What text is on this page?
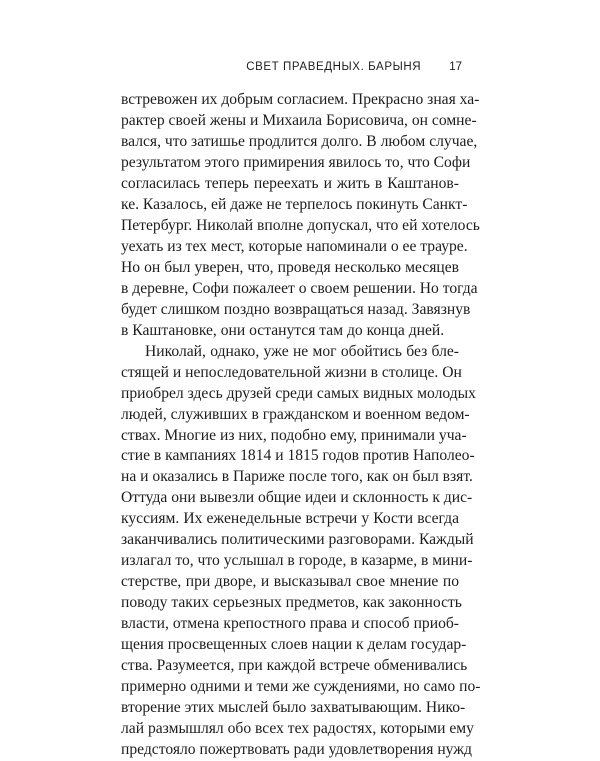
СВЕТ ПРАВЕДНЫХ. БАРЫНЯ 17
встревожен их добрым согласием. Прекрасно зная ха-
рактер своей жены и Михаила Борисовича, он сомне-
вался, что затишье продлится долго. В любом случае,
результатом этого примирения явилось то, что Софи
согласилась теперь переехать и жить в Каштанов-
ке. Казалось, ей даже не терпелось покинуть Санкт-
Петербург. Николай вполне допускал, что ей хотелось
уехать из тех мест, которые напоминали о ее трауре.
Но он был уверен, что, проведя несколько месяцев
в деревне, Софи пожалеет о своем решении. Но тогда
будет слишком поздно возвращаться назад. Завязнув
в Каштановке, они останутся там до конца дней.
Николай, однако, уже не мог обойтись без бле-
стящей и непоследовательной жизни в столице. Он
приобрел здесь друзей среди самых видных молодых
людей, служивших в гражданском и военном ведом-
ствах. Многие из них, подобно ему, принимали уча-
стие в кампаниях 1814 и 1815 годов против Наполео-
на и оказались в Париже после того, как он был взят.
Оттуда они вывезли общие идеи и склонность к дис-
куссиям. Их еженедельные встречи у Кости всегда
заканчивались политическими разговорами. Каждый
излагал то, что услышал в городе, в казарме, в мини-
стерстве, при дворе, и высказывал свое мнение по
поводу таких серьезных предметов, как законность
власти, отмена крепостного права и способ приоб-
щения просвещенных слоев нации к делам государ-
ства. Разумеется, при каждой встрече обменивались
примерно одними и теми же суждениями, но само по-
вторение этих мыслей было захватывающим. Нико-
лай размышлял обо всех тех радостях, которыми ему
предстояло пожертвовать ради удовлетворения нужд
